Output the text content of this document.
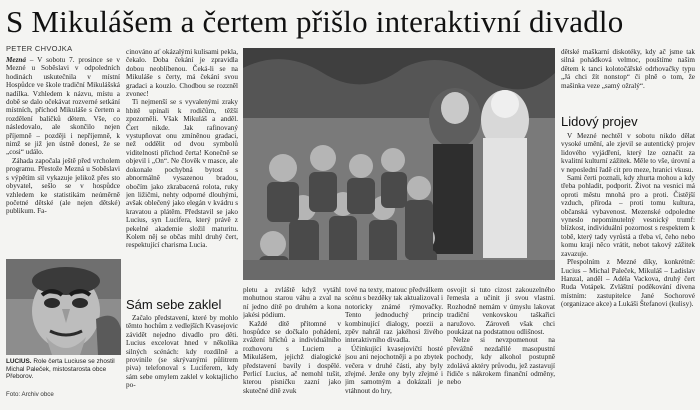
S Mikulášem a čertem přišlo interaktivní divadlo
PETER CHVOJKA

Mezná – V sobotu 7. prosince se v Mezné u Soběslavi v odpoledních hodinách uskutečnila v místní Hospůdce ve škole tradiční Mikulášská nadílka. Vzhledem k názvu, místu a době se dalo očekávat rozverné setkání místních, příchod Mikuláše s čertem a rozdělení balíčků dětem. Vše, co následovalo, ale skončilo nejen příjemně – později i nepříjemně, k nimž se již jen ústně donesl, že se „cosi“ událo.

Záhada započala ještě před vrcholem programu. Přestože Mezná u Soběslavi s výpětím sil vykazuje jelikož přes sto obyvatel, sešlo se v hospůdce vzhledem ke statistikám neúměrně početné dětské (ale nejen dětské) publikum. Fa-

LUCIUS. Role čerta Luciuse se zhostil Michal Paleček, mistostarosta obce Přeborov.
Foto: Archiv obce

cinováno ať okázalými kulisami pekla, čekalo. Doba čekání je zpravidla dobou neoblíbenou. Čeká-li se na Mikuláše s čerty, má čekání svou gradaci a kouzlo. Chodbou se rozzněl zvonec!

Ti nejmenší se s vyvalenými zraky hbitě upínali k rodičům, těžší zpozorněli. Však Mikuláš a anděl. Čert nikde. Jak rafinovaný vystupňovat onu zmíněnou gradaci, než oddělit od dvou symbolů viditelnosti příchod čerta! Konečně se objevil i „On“. Ne člověk v masce, ale dokonale pochybná bytost s abnormálně vysazenou bradou, obočím jako zkrabacená rolota, ruky jen ližičmi, nehty odporné dlouhými, avšak oblečený jako elegán v kvádru s kravatou a plátěm. Představil se jako Lucius, syn Lucifera, který právě z pekelné akademie složil maturitu. Kolem něj se občas mihl druhý čert, respektující charisma Lucia.

Sám sebe zaklel

Začalo představení, které by mohlo těmto hochům z vedlejších Kvasejovic závidět nejedno divadlo pro děti. Lucius excelovat hned v několika silných scénách: kdy rozdílně a provinile (se skrývanými půlitrem piva) telefonoval s Luciferem, kdy sám sebe omylem zaklel v koktajlicho po-

pletu a zvláště když vytáhl mohutnou starou váhu a zval na ní jedno dítě po druhém a kona jakési pódium.

Každé dítě přítomné v hospůdce se dočkalo pohádení, zvážení hříchů a individuálního rozhovoru s Luciem a Mikulášem, jejichž dialogické představení bavily i dospělé. Perlicí Lucius, ač nemohl tušit, kterou písničku zazní jako skutečné dítě zvuk

tové na texty, matouc předválkem scénu s bezděky tak aktualizoval i notoricky známé rýmovačky. Tento jednoduchý princip kombinující dialogy, poezii a zpěv nahrál raz jakéhosi živého interaktivního divadla.

Účinkující kvasejovičtí hosté jsou ani nejochotněji a po zbytek večera v druhé části, aby byly zřejmé. Jenže ony byly zřejmé i jim samotným a dokázali je vtáhnout do hry,

osvojit si tuto cizost zakouzelného řemesla a učinit ji svou vlastní. Rozhodně nemám v úmyslu lakovat tradiční venkovskou taškařici naružovo. Zároveň však chci poukázat na podstatnou odlišnost.

Nelze si nevzpomenout na převážně nezdařilé masopustní pochody, kdy alkohol postupně zdolává aktéry průvodu, jež zastavují řidiče s nákrokem finanční odměny, nebo

dětské maškarní diskotéky, kdy ač jsme tak silná pohádková velmoc, pouštíme našim dětem k tanci kolotočářské odrhovačky typu „Já chci žít nonstop“ či plně o tom, že mašinka vezе „samý ožralý“.

Lidový projev

V Mezné nechtěl v sobotu nikdo dělat vysoké umění, ale zjevil se autentický projev lidového vyjádření, který lze označit za kvalitní kulturní zážitek. Měle to vše, úrovní a v neposlední řadě cit pro meze, hranici vkusu.

Sami čerti poznali, kdy zhurta mohou a kdy třeba pohladit, podporit. Život na vesnici má oproti městu mnohá pro a proti. Čistější vzduch, příroda – proti tomu kultura, občanská vybavenost. Mezenské odpoledne vyneslo nepominutelný vesnický trumf: blízkost, individuální pozornost s respektem k tobě, který tady vyrůstá a třeba ví, čeho nebo komu kraji něco vrátit, nebot takový zážitek zavazuje.

Přespolním z Mezné díky, konkrétně: Lucius – Michal Paleček, Mikuláš – Ladislav Hanzal, anděl – Adéla Vackova, druhý čert Ruda Votápek. Zvláštní poděkování dívena místním: zastupitelce Jané Sochorové (organizace akce) a Lukáši Štefanovi (kulisy).
